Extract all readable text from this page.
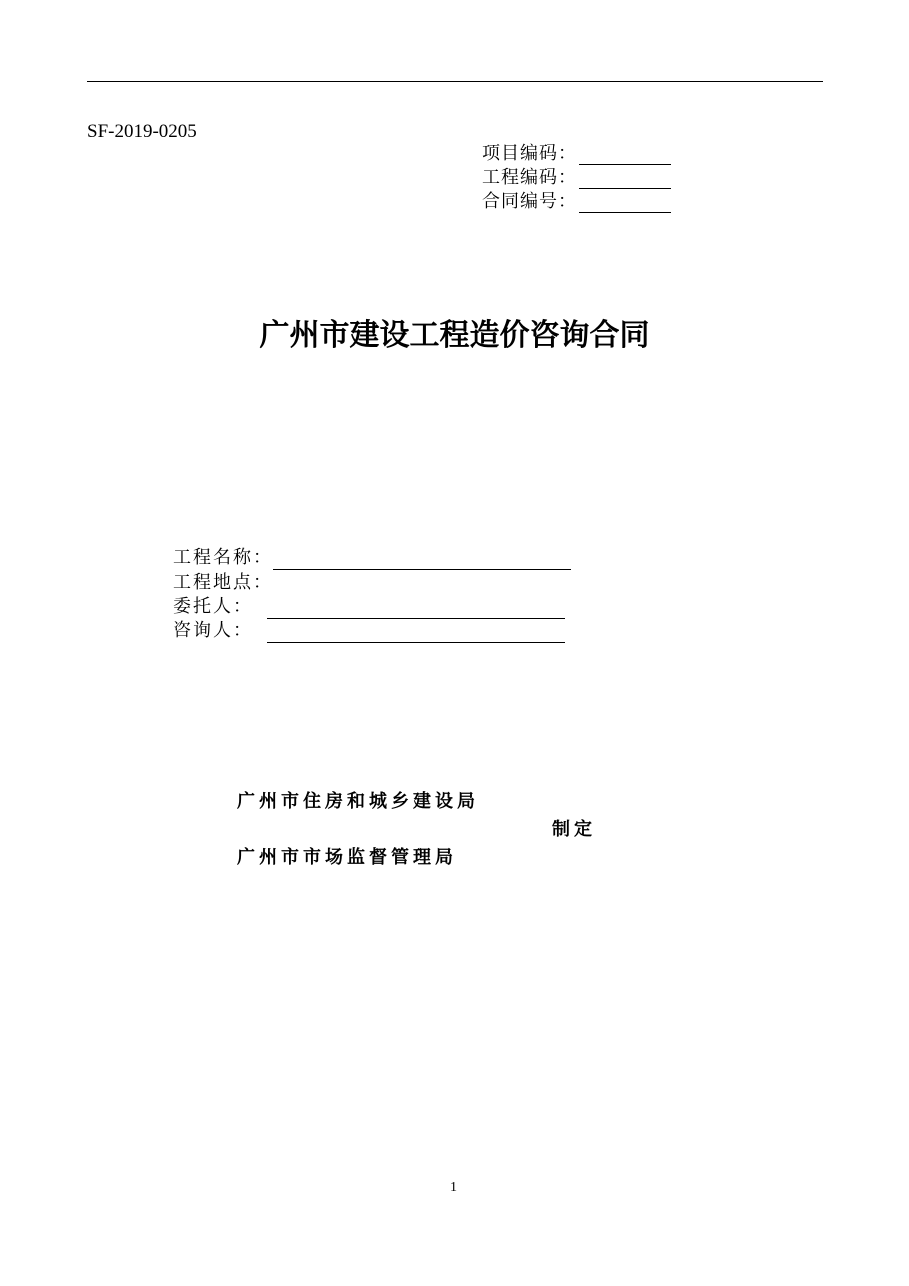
SF-2019-0205
项目编码：
工程编码：
合同编号：
广州市建设工程造价咨询合同
工程名称：
工程地点：
委托人：
咨询人：
广州市住房和城乡建设局
制定
广州市市场监督管理局
1
